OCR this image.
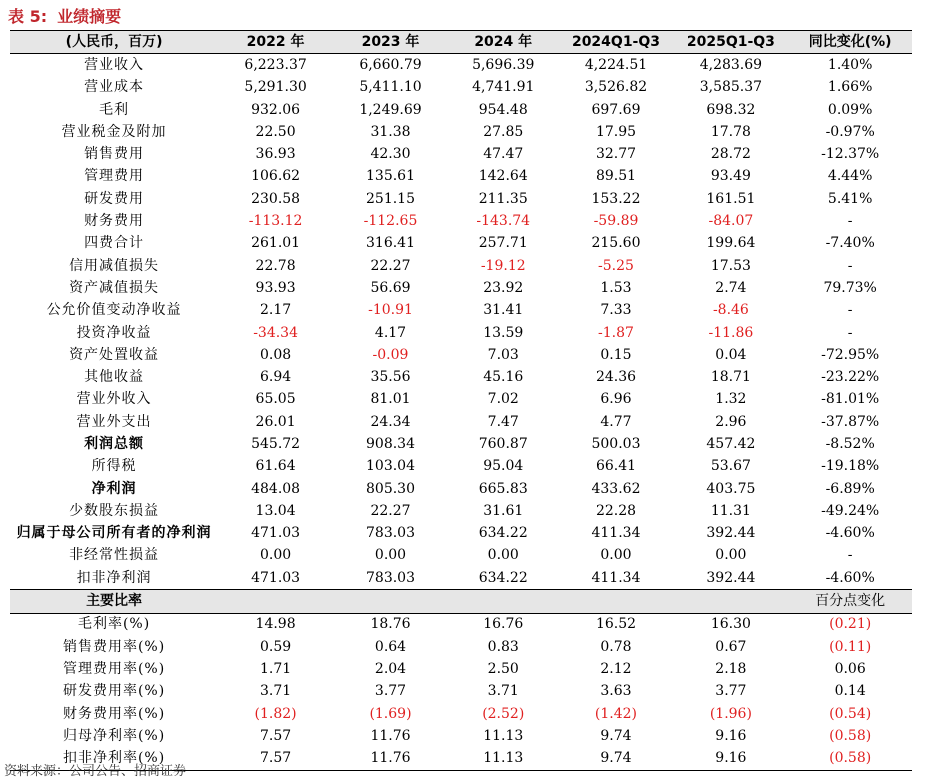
表 5: 业绩摘要
(人民币，百万)	2022 年	2023 年	2024 年	2024Q1-Q3	2025Q1-Q3	同比变化(%)
营业收入	6,223.37	6,660.79	5,696.39	4,224.51	4,283.69	1.40%
营业成本	5,291.30	5,411.10	4,741.91	3,526.82	3,585.37	1.66%
毛利	932.06	1,249.69	954.48	697.69	698.32	0.09%
营业税金及附加	22.50	31.38	27.85	17.95	17.78	-0.97%
销售费用	36.93	42.30	47.47	32.77	28.72	-12.37%
管理费用	106.62	135.61	142.64	89.51	93.49	4.44%
研发费用	230.58	251.15	211.35	153.22	161.51	5.41%
财务费用	-113.12	-112.65	-143.74	-59.89	-84.07	-
四费合计	261.01	316.41	257.71	215.60	199.64	-7.40%
信用减值损失	22.78	22.27	-19.12	-5.25	17.53	-
资产减值损失	93.93	56.69	23.92	1.53	2.74	79.73%
公允价值变动净收益	2.17	-10.91	31.41	7.33	-8.46	-
投资净收益	-34.34	4.17	13.59	-1.87	-11.86	-
资产处置收益	0.08	-0.09	7.03	0.15	0.04	-72.95%
其他收益	6.94	35.56	45.16	24.36	18.71	-23.22%
营业外收入	65.05	81.01	7.02	6.96	1.32	-81.01%
营业外支出	26.01	24.34	7.47	4.77	2.96	-37.87%
利润总额	545.72	908.34	760.87	500.03	457.42	-8.52%
所得税	61.64	103.04	95.04	66.41	53.67	-19.18%
净利润	484.08	805.30	665.83	433.62	403.75	-6.89%
少数股东损益	13.04	22.27	31.61	22.28	11.31	-49.24%
归属于母公司所有者的净利润	471.03	783.03	634.22	411.34	392.44	-4.60%
非经常性损益	0.00	0.00	0.00	0.00	0.00	-
扣非净利润	471.03	783.03	634.22	411.34	392.44	-4.60%
主要比率						百分点变化
毛利率(%)	14.98	18.76	16.76	16.52	16.30	(0.21)
销售费用率(%)	0.59	0.64	0.83	0.78	0.67	(0.11)
管理费用率(%)	1.71	2.04	2.50	2.12	2.18	0.06
研发费用率(%)	3.71	3.77	3.71	3.63	3.77	0.14
财务费用率(%)	(1.82)	(1.69)	(2.52)	(1.42)	(1.96)	(0.54)
归母净利率(%)	7.57	11.76	11.13	9.74	9.16	(0.58)
扣非净利率(%)	7.57	11.76	11.13	9.74	9.16	(0.58)
资料来源：公司公告、招商证券
